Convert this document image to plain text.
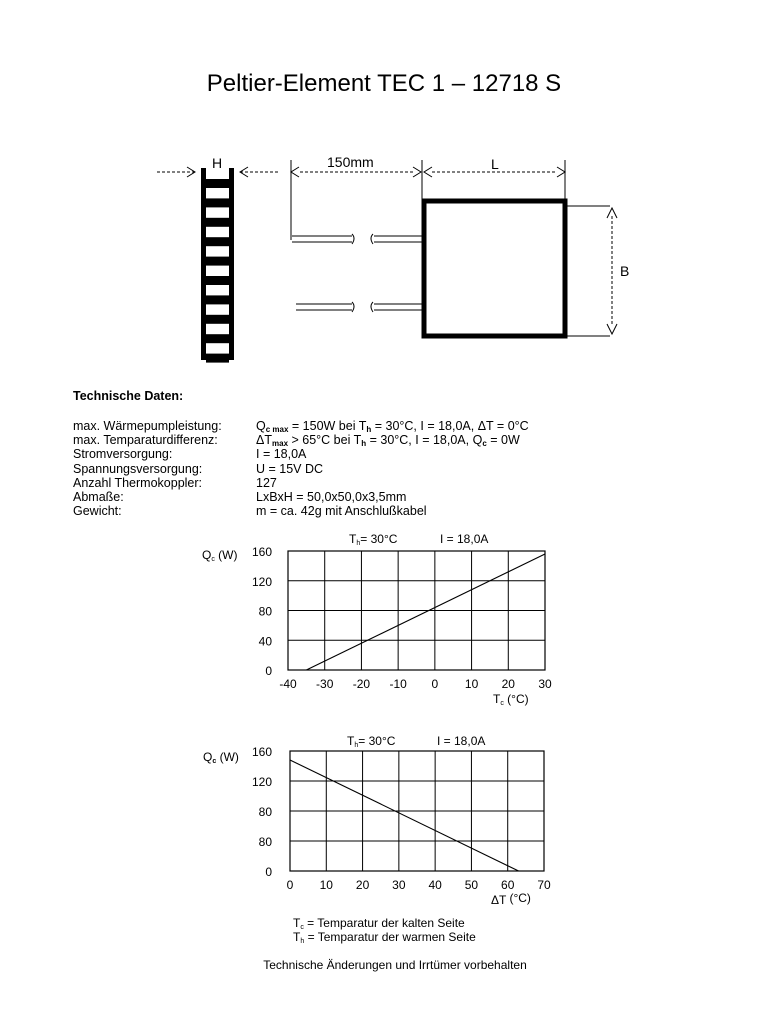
Peltier-Element TEC 1 – 12718 S
H	150mm	L
B
Technische Daten:
max. Wärmepumpleistung:	$Q_{c max} = 150W$ bei $T_h = 30^\circ C$, I = 18,0A, ΔT = 0°C
max. Temparaturdifferenz:	$\Delta T_{max} > 65^\circ C$ bei $T_h = 30^\circ C$, I = 18,0A, $Q_c = 0W$
Stromversorgung:	I = 18,0A
Spannungsversorgung:	U = 15V DC
Anzahl Thermokoppler:	127
Abmaße:	LxBxH = 50,0x50,0x3,5mm
Gewicht:	m = ca. 42g mit Anschlußkabel
160
120
80
40
0
-40 -30 -20 -10 0 10 20 30
Th= 30°C	I = 18,0A
Qc (W)
Tc (°C)
160
120
80
80
0
0 10 20 30 40 50 60 70
Th= 30°C	I = 18,0A
Qc (W)
ΔT (°C)
$T_c$ = Temparatur der kalten Seite
$T_h$ = Temparatur der warmen Seite
Technische Änderungen und Irrtümer vorbehalten
